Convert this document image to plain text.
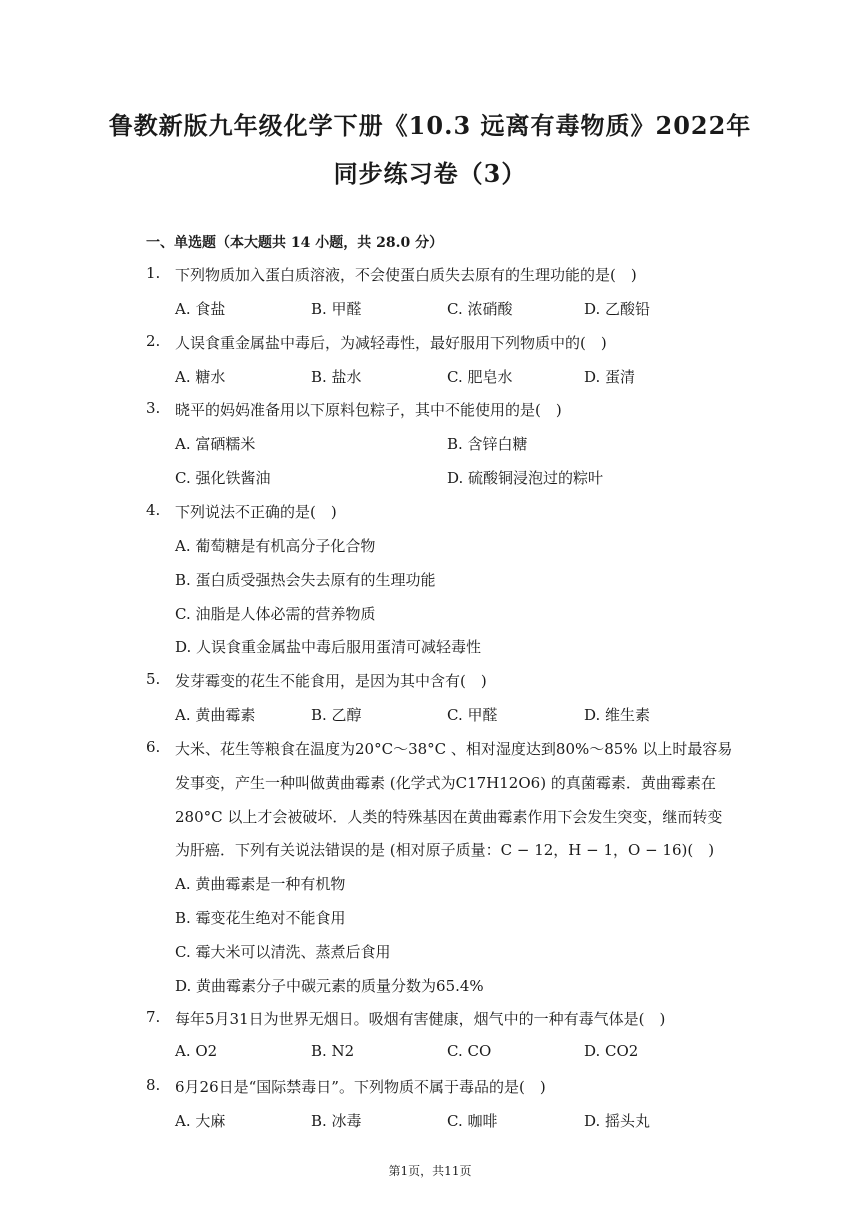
鲁教新版九年级化学下册《10.3 远离有毒物质》2022年
同步练习卷（3）
一、单选题（本大题共 14 小题，共 28.0 分）
1. 下列物质加入蛋白质溶液，不会使蛋白质失去原有的生理功能的是(　)
A. 食盐	B. 甲醛	C. 浓硝酸	D. 乙酸铅
2. 人误食重金属盐中毒后，为减轻毒性，最好服用下列物质中的(　)
A. 糖水	B. 盐水	C. 肥皂水	D. 蛋清
3. 晓平的妈妈准备用以下原料包粽子，其中不能使用的是(　)
A. 富硒糯米	B. 含锌白糖
C. 强化铁酱油	D. 硫酸铜浸泡过的粽叶
4. 下列说法不正确的是(　)
A. 葡萄糖是有机高分子化合物
B. 蛋白质受强热会失去原有的生理功能
C. 油脂是人体必需的营养物质
D. 人误食重金属盐中毒后服用蛋清可减轻毒性
5. 发芽霉变的花生不能食用，是因为其中含有(　)
A. 黄曲霉素	B. 乙醇	C. 甲醛	D. 维生素
6. 大米、花生等粮食在温度为20°C～38°C 、相对湿度达到80%～85% 以上时最容易
发事变，产生一种叫做黄曲霉素 (化学式为C17H12O6) 的真菌霉素．黄曲霉素在
280°C 以上才会被破坏．人类的特殊基因在黄曲霉素作用下会发生突变，继而转变
为肝癌．下列有关说法错误的是 (相对原子质量：C − 12，H − 1，O − 16)(　)
A. 黄曲霉素是一种有机物
B. 霉变花生绝对不能食用
C. 霉大米可以清洗、蒸煮后食用
D. 黄曲霉素分子中碳元素的质量分数为65.4%
7. 每年5月31日为世界无烟日。吸烟有害健康，烟气中的一种有毒气体是(　)
A. O2	B. N2	C. CO	D. CO2
8. 6月26日是“国际禁毒日”。下列物质不属于毒品的是(　)
A. 大麻	B. 冰毒	C. 咖啡	D. 摇头丸
第1页，共11页
